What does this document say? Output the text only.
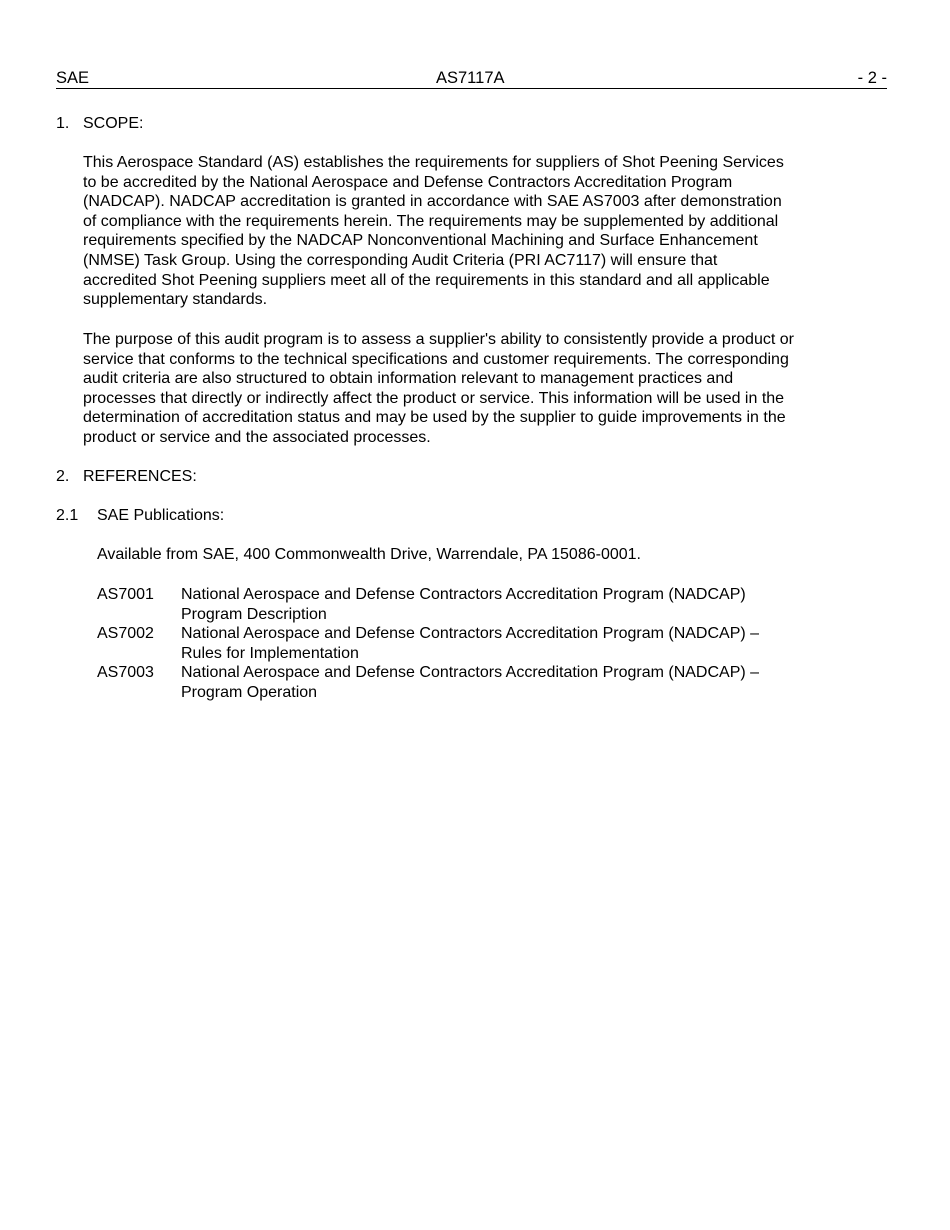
SAE	AS7117A	- 2 -
1. SCOPE:
This Aerospace Standard (AS) establishes the requirements for suppliers of Shot Peening Services
to be accredited by the National Aerospace and Defense Contractors Accreditation Program
(NADCAP). NADCAP accreditation is granted in accordance with SAE AS7003 after demonstration
of compliance with the requirements herein. The requirements may be supplemented by additional
requirements specified by the NADCAP Nonconventional Machining and Surface Enhancement
(NMSE) Task Group. Using the corresponding Audit Criteria (PRI AC7117) will ensure that
accredited Shot Peening suppliers meet all of the requirements in this standard and all applicable
supplementary standards.
The purpose of this audit program is to assess a supplier's ability to consistently provide a product or
service that conforms to the technical specifications and customer requirements. The corresponding
audit criteria are also structured to obtain information relevant to management practices and
processes that directly or indirectly affect the product or service. This information will be used in the
determination of accreditation status and may be used by the supplier to guide improvements in the
product or service and the associated processes.
2. REFERENCES:
2.1 SAE Publications:
Available from SAE, 400 Commonwealth Drive, Warrendale, PA 15086-0001.
AS7001 National Aerospace and Defense Contractors Accreditation Program (NADCAP)
Program Description
AS7002 National Aerospace and Defense Contractors Accreditation Program (NADCAP) –
Rules for Implementation
AS7003 National Aerospace and Defense Contractors Accreditation Program (NADCAP) –
Program Operation
